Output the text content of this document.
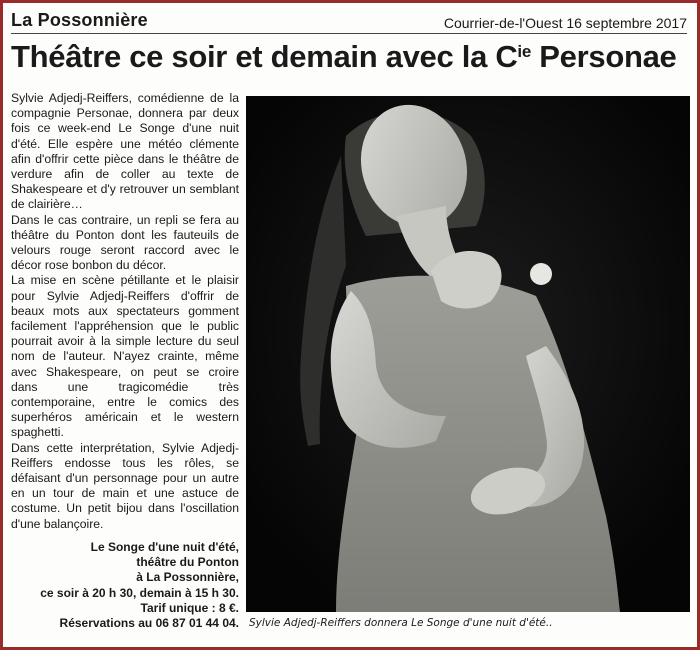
La Possonnière	Courrier-de-l'Ouest 16 septembre 2017
Théâtre ce soir et demain avec la $C^{ie}$ Personae

Sylvie Adjedj-Reiffers, comédienne de la compagnie Personae, donnera par deux fois ce week-end Le Songe d'une nuit d'été. Elle espère une météo clémente afin d'offrir cette pièce dans le théâtre de verdure afin de coller au texte de Shakespeare et d'y retrouver un semblant de clairière…

Dans le cas contraire, un repli se fera au théâtre du Ponton dont les fauteuils de velours rouge seront raccord avec le décor rose bonbon du décor.

La mise en scène pétillante et le plaisir pour Sylvie Adjedj-Reiffers d'offrir de beaux mots aux spectateurs gomment facilement l'appréhension que le public pourrait avoir à la simple lecture du seul nom de l'auteur. N'ayez crainte, même avec Shakespeare, on peut se croire dans une tragicomédie très contemporaine, entre le comics des superhéros américain et le western spaghetti.

Dans cette interprétation, Sylvie Adjedj-Reiffers endosse tous les rôles, se défaisant d'un personnage pour un autre en un tour de main et une astuce de costume. Un petit bijou dans l'oscillation d'une balançoire.

Le Songe d'une nuit d'été,
théâtre du Ponton
à La Possonnière,
ce soir à 20 h 30, demain à 15 h 30.
Tarif unique : 8 €.
Réservations au 06 87 01 44 04. Sylvie Adjedj-Reiffers donnera Le Songe d'une nuit d'été..
